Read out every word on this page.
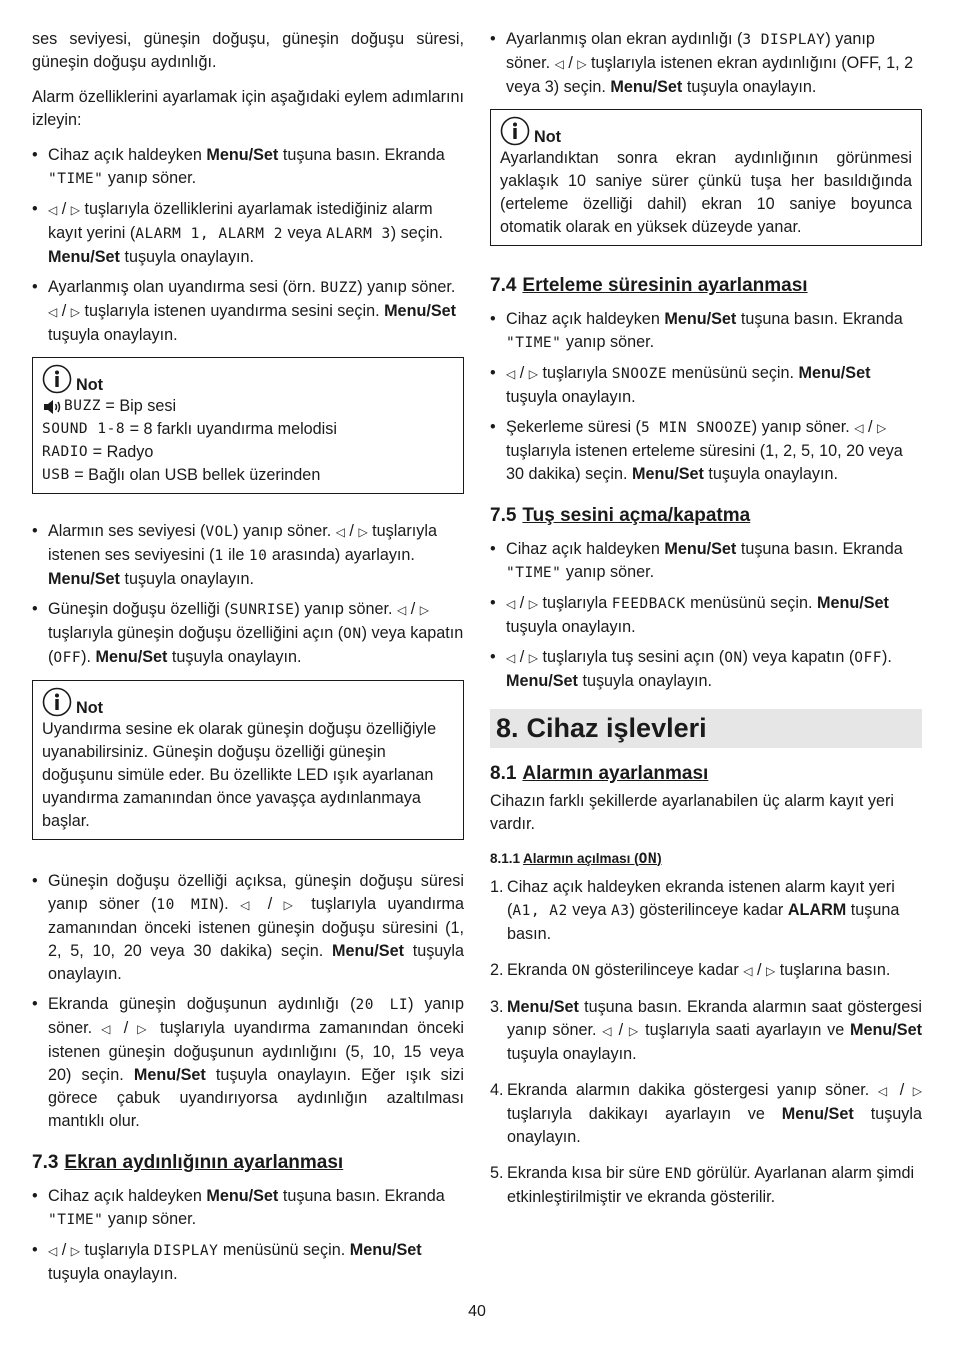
ses seviyesi, güneşin doğuşu, güneşin doğuşu süresi, güneşin doğuşu aydınlığı.

Alarm özelliklerini ayarlamak için aşağıdaki eylem adımlarını izleyin:

• Cihaz açık haldeyken Menu/Set tuşuna basın. Ekranda "TIME" yanıp söner.
• ◁ / ▷ tuşlarıyla özelliklerini ayarlamak istediğiniz alarm kayıt yerini (ALARM 1, ALARM 2 veya ALARM 3) seçin. Menu/Set tuşuyla onaylayın.
• Ayarlanmış olan uyandırma sesi (örn. BUZZ) yanıp söner. ◁ / ▷ tuşlarıyla istenen uyandırma sesini seçin. Menu/Set tuşuyla onaylayın.
Not
BUZZ = Bip sesi
SOUND 1-8 = 8 farklı uyandırma melodisi
RADIO = Radyo
USB = Bağlı olan USB bellek üzerinden
• Alarmın ses seviyesi (VOL) yanıp söner. ◁ / ▷ tuşlarıyla istenen ses seviyesini (1 ile 10 arasında) ayarlayın. Menu/Set tuşuyla onaylayın.
• Güneşin doğuşu özelliği (SUNRISE) yanıp söner. ◁ / ▷ tuşlarıyla güneşin doğuşu özelliğini açın (ON) veya kapatın (OFF). Menu/Set tuşuyla onaylayın.
Not
Uyandırma sesine ek olarak güneşin doğuşu özelliğiyle uyanabilirsiniz. Güneşin doğuşu özelliği güneşin doğuşunu simüle eder. Bu özellikte LED ışık ayarlanan uyandırma zamanından önce yavaşça aydınlanmaya başlar.
• Güneşin doğuşu özelliği açıksa, güneşin doğuşu süresi yanıp söner (10 MIN). ◁ / ▷ tuşlarıyla uyandırma zamanından önceki istenen güneşin doğuşu süresini (1, 2, 5, 10, 20 veya 30 dakika) seçin. Menu/Set tuşuyla onaylayın.
• Ekranda güneşin doğuşunun aydınlığı (20 LI) yanıp söner. ◁ / ▷ tuşlarıyla uyandırma zamanından önceki istenen güneşin doğuşunun aydınlığını (5, 10, 15 veya 20) seçin. Menu/Set tuşuyla onaylayın. Eğer ışık sizi görece çabuk uyandırıyorsa aydınlığın azaltılması mantıklı olur.
7.3 Ekran aydınlığının ayarlanması
• Cihaz açık haldeyken Menu/Set tuşuna basın. Ekranda "TIME" yanıp söner.
• ◁ / ▷ tuşlarıyla DISPLAY menüsünü seçin. Menu/Set tuşuyla onaylayın.
• Ayarlanmış olan ekran aydınlığı (3 DISPLAY) yanıp söner. ◁ / ▷ tuşlarıyla istenen ekran aydınlığını (OFF, 1, 2 veya 3) seçin. Menu/Set tuşuyla onaylayın.
Not
Ayarlandıktan sonra ekran aydınlığının görünmesi yaklaşık 10 saniye sürer çünkü tuşa her basıldığında (erteleme özelliği dahil) ekran 10 saniye boyunca otomatik olarak en yüksek düzeyde yanar.
7.4 Erteleme süresinin ayarlanması
• Cihaz açık haldeyken Menu/Set tuşuna basın. Ekranda "TIME" yanıp söner.
• ◁ / ▷ tuşlarıyla SNOOZE menüsünü seçin. Menu/Set tuşuyla onaylayın.
• Şekerleme süresi (5 MIN SNOOZE) yanıp söner. ◁ / ▷ tuşlarıyla istenen erteleme süresini (1, 2, 5, 10, 20 veya 30 dakika) seçin. Menu/Set tuşuyla onaylayın.
7.5 Tuş sesini açma/kapatma
• Cihaz açık haldeyken Menu/Set tuşuna basın. Ekranda "TIME" yanıp söner.
• ◁ / ▷ tuşlarıyla FEEDBACK menüsünü seçin. Menu/Set tuşuyla onaylayın.
• ◁ / ▷ tuşlarıyla tuş sesini açın (ON) veya kapatın (OFF). Menu/Set tuşuyla onaylayın.
8. Cihaz işlevleri
8.1 Alarmın ayarlanması

Cihazın farklı şekillerde ayarlanabilen üç alarm kayıt yeri vardır.

8.1.1 Alarmın açılması (ON)
1. Cihaz açık haldeyken ekranda istenen alarm kayıt yeri (A1, A2 veya A3) gösterilinceye kadar ALARM tuşuna basın.
2. Ekranda ON gösterilinceye kadar ◁ / ▷ tuşlarına basın.
3. Menu/Set tuşuna basın. Ekranda alarmın saat göstergesi yanıp söner. ◁ / ▷ tuşlarıyla saati ayarlayın ve Menu/Set tuşuyla onaylayın.
4. Ekranda alarmın dakika göstergesi yanıp söner. ◁ / ▷ tuşlarıyla dakikayı ayarlayın ve Menu/Set tuşuyla onaylayın.
5. Ekranda kısa bir süre END görülür. Ayarlanan alarm şimdi etkinleştirilmiştir ve ekranda gösterilir.
40
